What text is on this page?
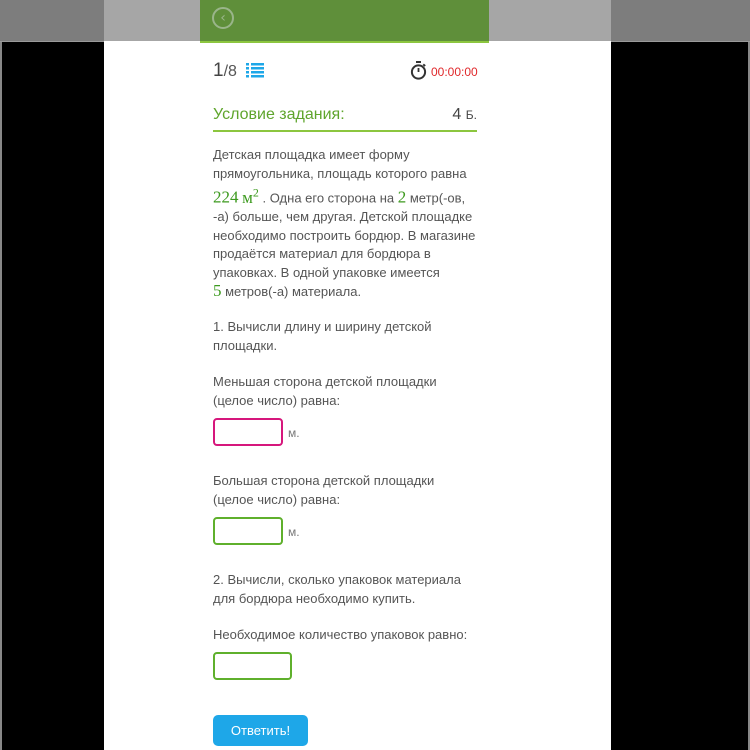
‹
1/8	00:00:00
Условие задания:	4 Б.
Детская площадка имеет форму прямоугольника, площадь которого равна 224 $м^2$ . Одна его сторона на 2 метр(-ов, -а) больше, чем другая. Детской площадке необходимо построить бордюр. В магазине продаётся материал для бордюра в упаковках. В одной упаковке имеется
5 метров(-а) материала.
1. Вычисли длину и ширину детской площадки.
Меньшая сторона детской площадки (целое число) равна:
м.
Большая сторона детской площадки (целое число) равна:
м.
2. Вычисли, сколько упаковок материала для бордюра необходимо купить.
Необходимое количество упаковок равно:
Ответить!
